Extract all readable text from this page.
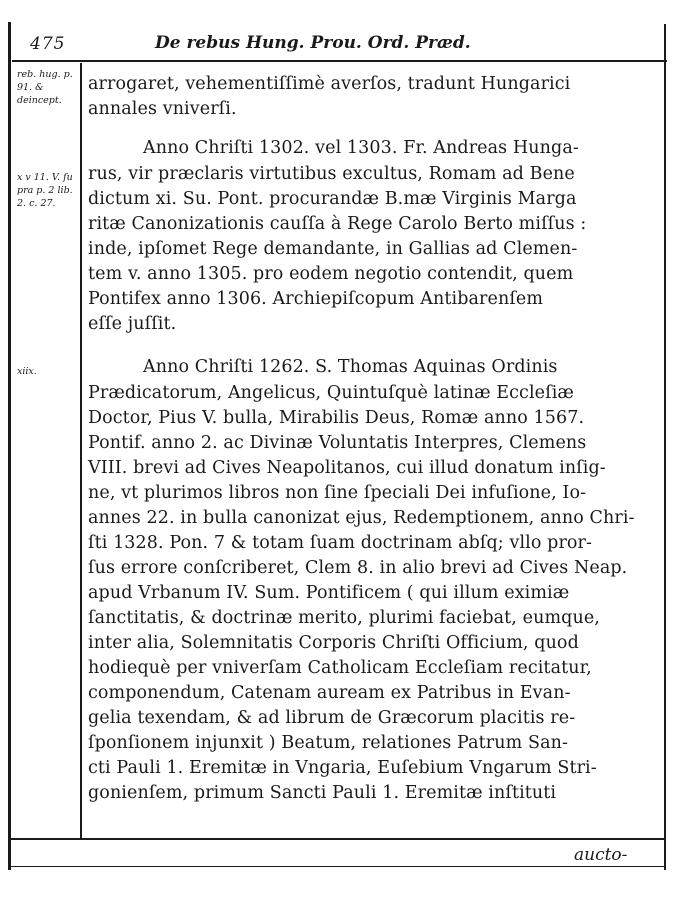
475	De rebus Hung. Prou. Ord. Præd.
reb. hug. p. 91. & deincept.
x v 11. V. ſu pra p. 2 lib. 2. c. 27.
xiix.
arrogaret, vehementiſſimè averſos, tradunt Hungarici
annales vniverſi.
Anno Chriſti 1302. vel 1303. Fr. Andreas Hunga-
rus, vir præclaris virtutibus excultus, Romam ad Bene
dictum xi. Su. Pont. procurandæ B.mæ Virginis Marga
ritæ Canonizationis cauſſa à Rege Carolo Berto miſſus :
inde, ipſomet Rege demandante, in Gallias ad Clemen-
tem v. anno 1305. pro eodem negotio contendit, quem
Pontifex anno 1306. Archiepiſcopum Antibarenſem
eſſe juſſit.
Anno Chriſti 1262. S. Thomas Aquinas Ordinis
Prædicatorum, Angelicus, Quintuſquè latinæ Eccleſiæ
Doctor, Pius V. bulla, Mirabilis Deus, Romæ anno 1567.
Pontif. anno 2. ac Divinæ Voluntatis Interpres, Clemens
VIII. brevi ad Cives Neapolitanos, cui illud donatum inſig-
ne, vt plurimos libros non ſine ſpeciali Dei infuſione, Io-
annes 22. in bulla canonizat ejus, Redemptionem, anno Chri-
ſti 1328. Pon. 7 & totam ſuam doctrinam abſq; vllo pror-
ſus errore conſcriberet, Clem 8. in alio brevi ad Cives Neap.
apud Vrbanum IV. Sum. Pontificem ( qui illum eximiæ
ſanctitatis, & doctrinæ merito, plurimi faciebat, eumque,
inter alia, Solemnitatis Corporis Chriſti Officium, quod
hodiequè per vniverſam Catholicam Eccleſiam recitatur,
componendum, Catenam auream ex Patribus in Evan-
gelia texendam, & ad librum de Græcorum placitis re-
ſponſionem injunxit ) Beatum, relationes Patrum San-
cti Pauli 1. Eremitæ in Vngaria, Euſebium Vngarum Stri-
gonienſem, primum Sancti Pauli 1. Eremitæ inſtituti
aucto-
